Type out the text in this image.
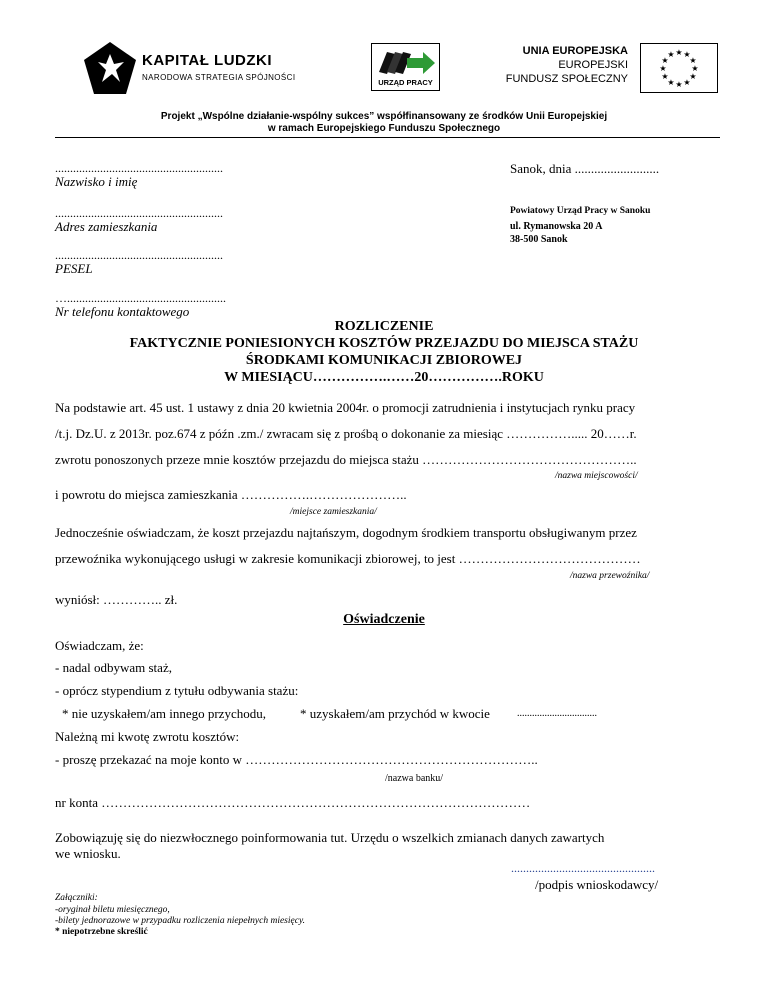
KAPITAŁ LUDZKI
NARODOWA STRATEGIA SPÓJNOŚCI
URZĄD PRACY
UNIA EUROPEJSKA
EUROPEJSKI
FUNDUSZ SPOŁECZNY
★ ★
★
★
★
★
★
★
★
★
★
★
Projekt „Wspólne działanie-wspólny sukces” współfinansowany ze środków Unii Europejskiej
w ramach Europejskiego Funduszu Społecznego
........................................................
Nazwisko i imię
........................................................
Adres zamieszkania
........................................................
PESEL
….....................................................
Nr telefonu kontaktowego
Sanok, dnia ..........................
Powiatowy Urząd Pracy w Sanoku
ul. Rymanowska 20 A
38-500 Sanok
ROZLICZENIE
FAKTYCZNIE PONIESIONYCH KOSZTÓW PRZEJAZDU DO MIEJSCA STAŻU
ŚRODKAMI KOMUNIKACJI ZBIOROWEJ
W MIESIĄCU…………….……20…………….ROKU
Na podstawie art. 45 ust. 1 ustawy z dnia 20 kwietnia 2004r. o promocji zatrudnienia i instytucjach rynku pracy
/t.j. Dz.U. z 2013r. poz.674 z późn .zm./ zwracam się z prośbą o dokonanie za miesiąc ……………..... 20……r.
zwrotu ponoszonych przeze mnie kosztów przejazdu do miejsca stażu …………………………………………..
/nazwa miejscowości/
i powrotu do miejsca zamieszkania …………….…………………..
/miejsce zamieszkania/
Jednocześnie oświadczam, że koszt przejazdu najtańszym, dogodnym środkiem transportu obsługiwanym przez
przewoźnika wykonującego usługi w zakresie komunikacji zbiorowej, to jest ……………………………………
/nazwa przewoźnika/
wyniósł: ………….. zł.
Oświadczenie
Oświadczam, że:
- nadal odbywam staż,
- oprócz stypendium z tytułu odbywania stażu:
* nie uzyskałem/am innego przychodu,	* uzyskałem/am przychód w kwocie	................................
Należną mi kwotę zwrotu kosztów:
- proszę przekazać na moje konto w …………………………………………………………..
/nazwa banku/
nr konta ………………………………………………………………………………………
Zobowiązuję się do niezwłocznego poinformowania tut. Urzędu o wszelkich zmianach danych zawartych
we wniosku.
................................................
/podpis wnioskodawcy/
Załączniki:
-oryginał biletu miesięcznego,
-bilety jednorazowe w przypadku rozliczenia niepełnych miesięcy.
* niepotrzebne skreślić
